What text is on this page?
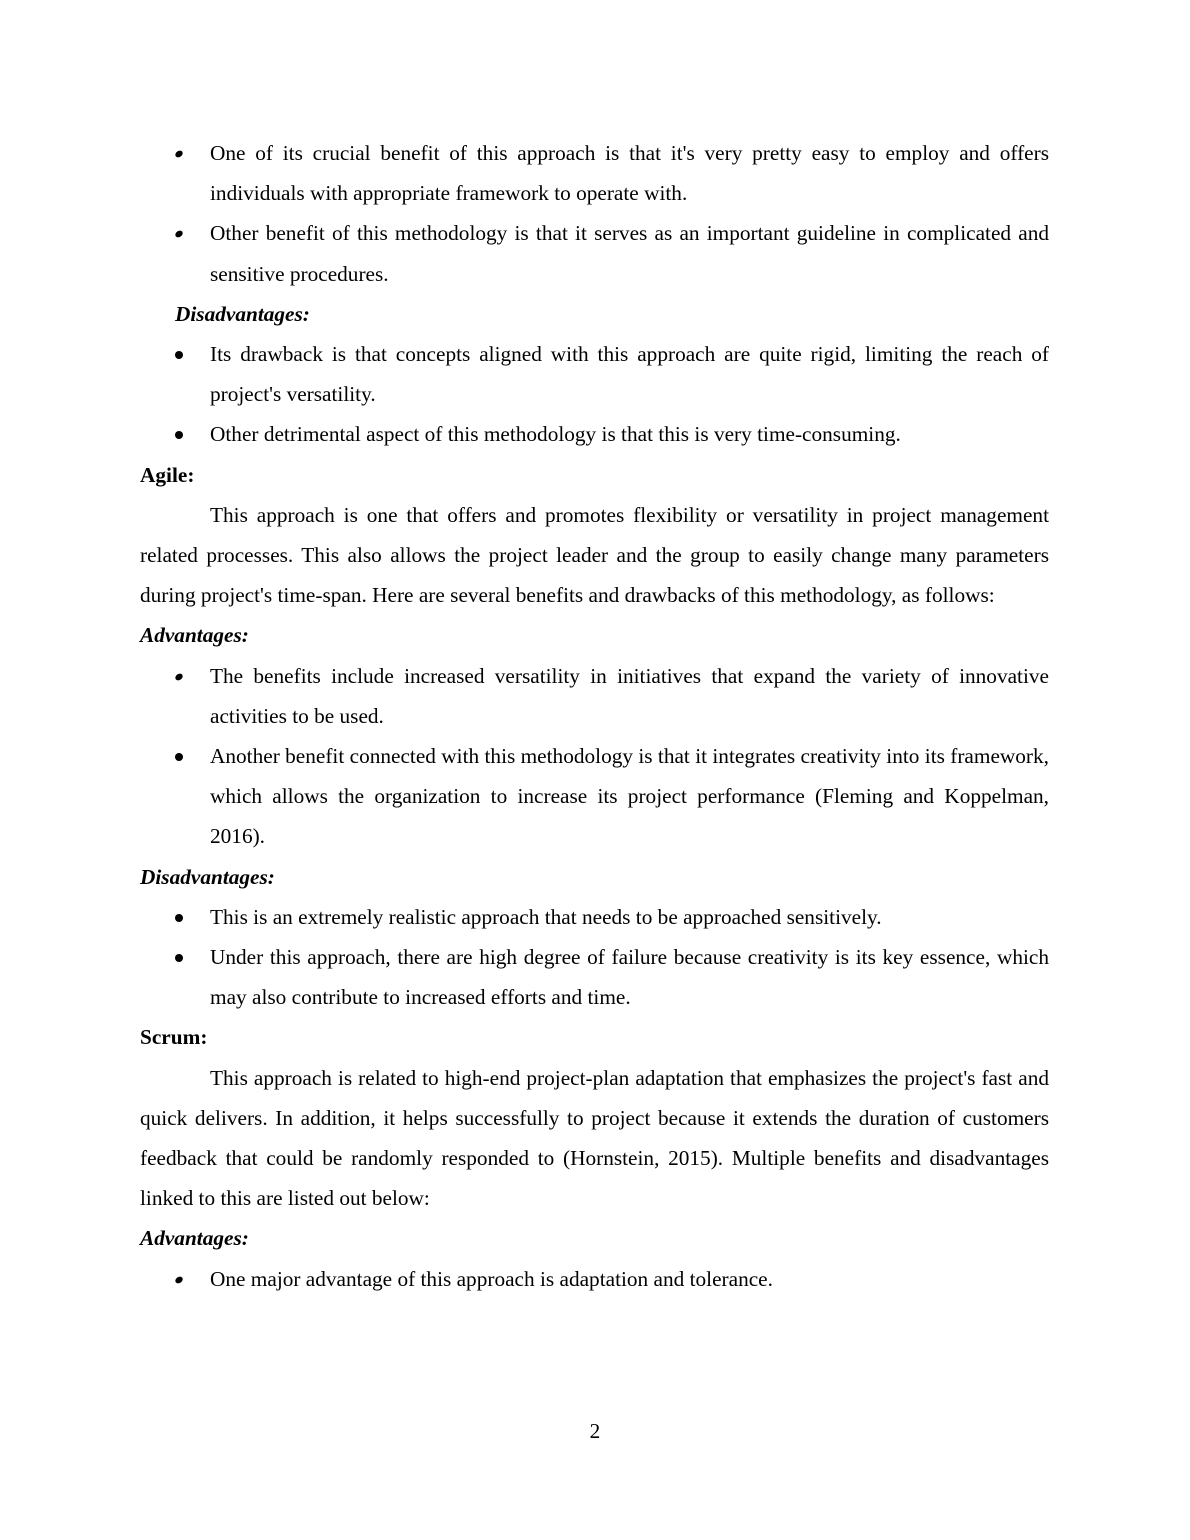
One of its crucial benefit of this approach is that it's very pretty easy to employ and offers individuals with appropriate framework to operate with.
Other benefit of this methodology is that it serves as an important guideline in complicated and sensitive procedures.

Disadvantages:

Its drawback is that concepts aligned with this approach are quite rigid, limiting the reach of project's versatility.
Other detrimental aspect of this methodology is that this is very time-consuming.

Agile:

This approach is one that offers and promotes flexibility or versatility in project management related processes. This also allows the project leader and the group to easily change many parameters during project's time-span. Here are several benefits and drawbacks of this methodology, as follows:

Advantages:

The benefits include increased versatility in initiatives that expand the variety of innovative activities to be used.
Another benefit connected with this methodology is that it integrates creativity into its framework, which allows the organization to increase its project performance (Fleming and Koppelman, 2016).

Disadvantages:

This is an extremely realistic approach that needs to be approached sensitively.
Under this approach, there are high degree of failure because creativity is its key essence, which may also contribute to increased efforts and time.

Scrum:

This approach is related to high-end project-plan adaptation that emphasizes the project's fast and quick delivers. In addition, it helps successfully to project because it extends the duration of customers feedback that could be randomly responded to (Hornstein, 2015). Multiple benefits and disadvantages linked to this are listed out below:

Advantages:

One major advantage of this approach is adaptation and tolerance.
2
